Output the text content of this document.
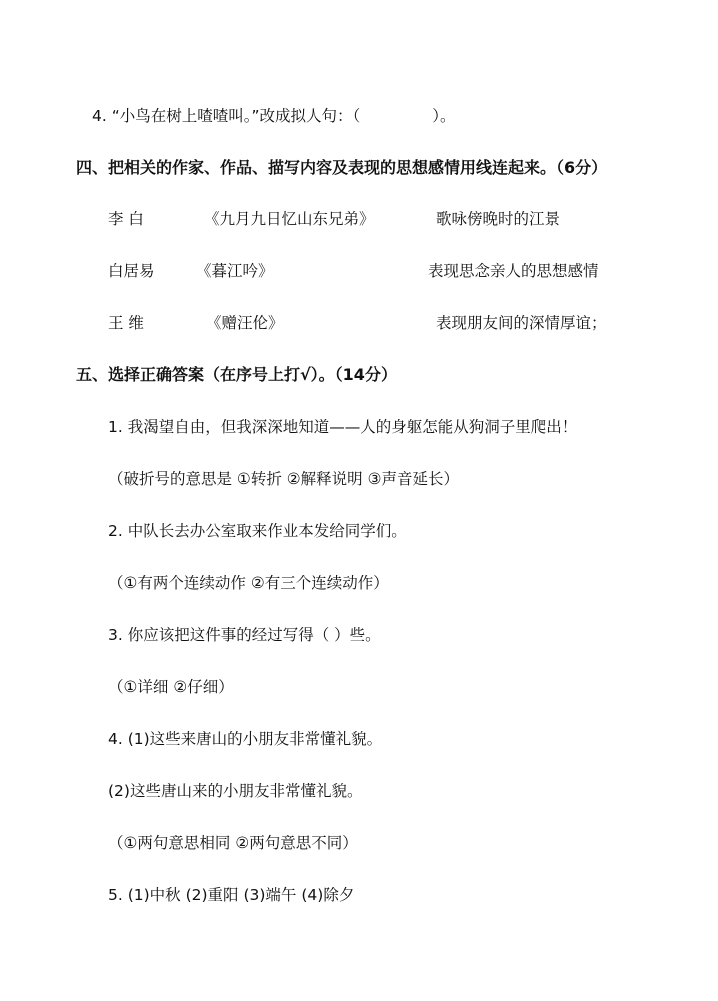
4. “小鸟在树上喳喳叫。”改成拟人句：（	）。
四、把相关的作家、作品、描写内容及表现的思想感情用线连起来。（6分）
李 白	《九月九日忆山东兄弟》	歌咏傍晚时的江景
白居易	《暮江吟》	表现思念亲人的思想感情
王 维	《赠汪伦》	表现朋友间的深情厚谊；
五、选择正确答案（在序号上打√）。（14分）
1. 我渴望自由，但我深深地知道——人的身躯怎能从狗洞子里爬出！
（破折号的意思是 ①转折 ②解释说明 ③声音延长）
2. 中队长去办公室取来作业本发给同学们。
（①有两个连续动作 ②有三个连续动作）
3. 你应该把这件事的经过写得（ ）些。
（①详细 ②仔细）
4. (1)这些来唐山的小朋友非常懂礼貌。
(2)这些唐山来的小朋友非常懂礼貌。
（①两句意思相同 ②两句意思不同）
5. (1)中秋 (2)重阳 (3)端午 (4)除夕
